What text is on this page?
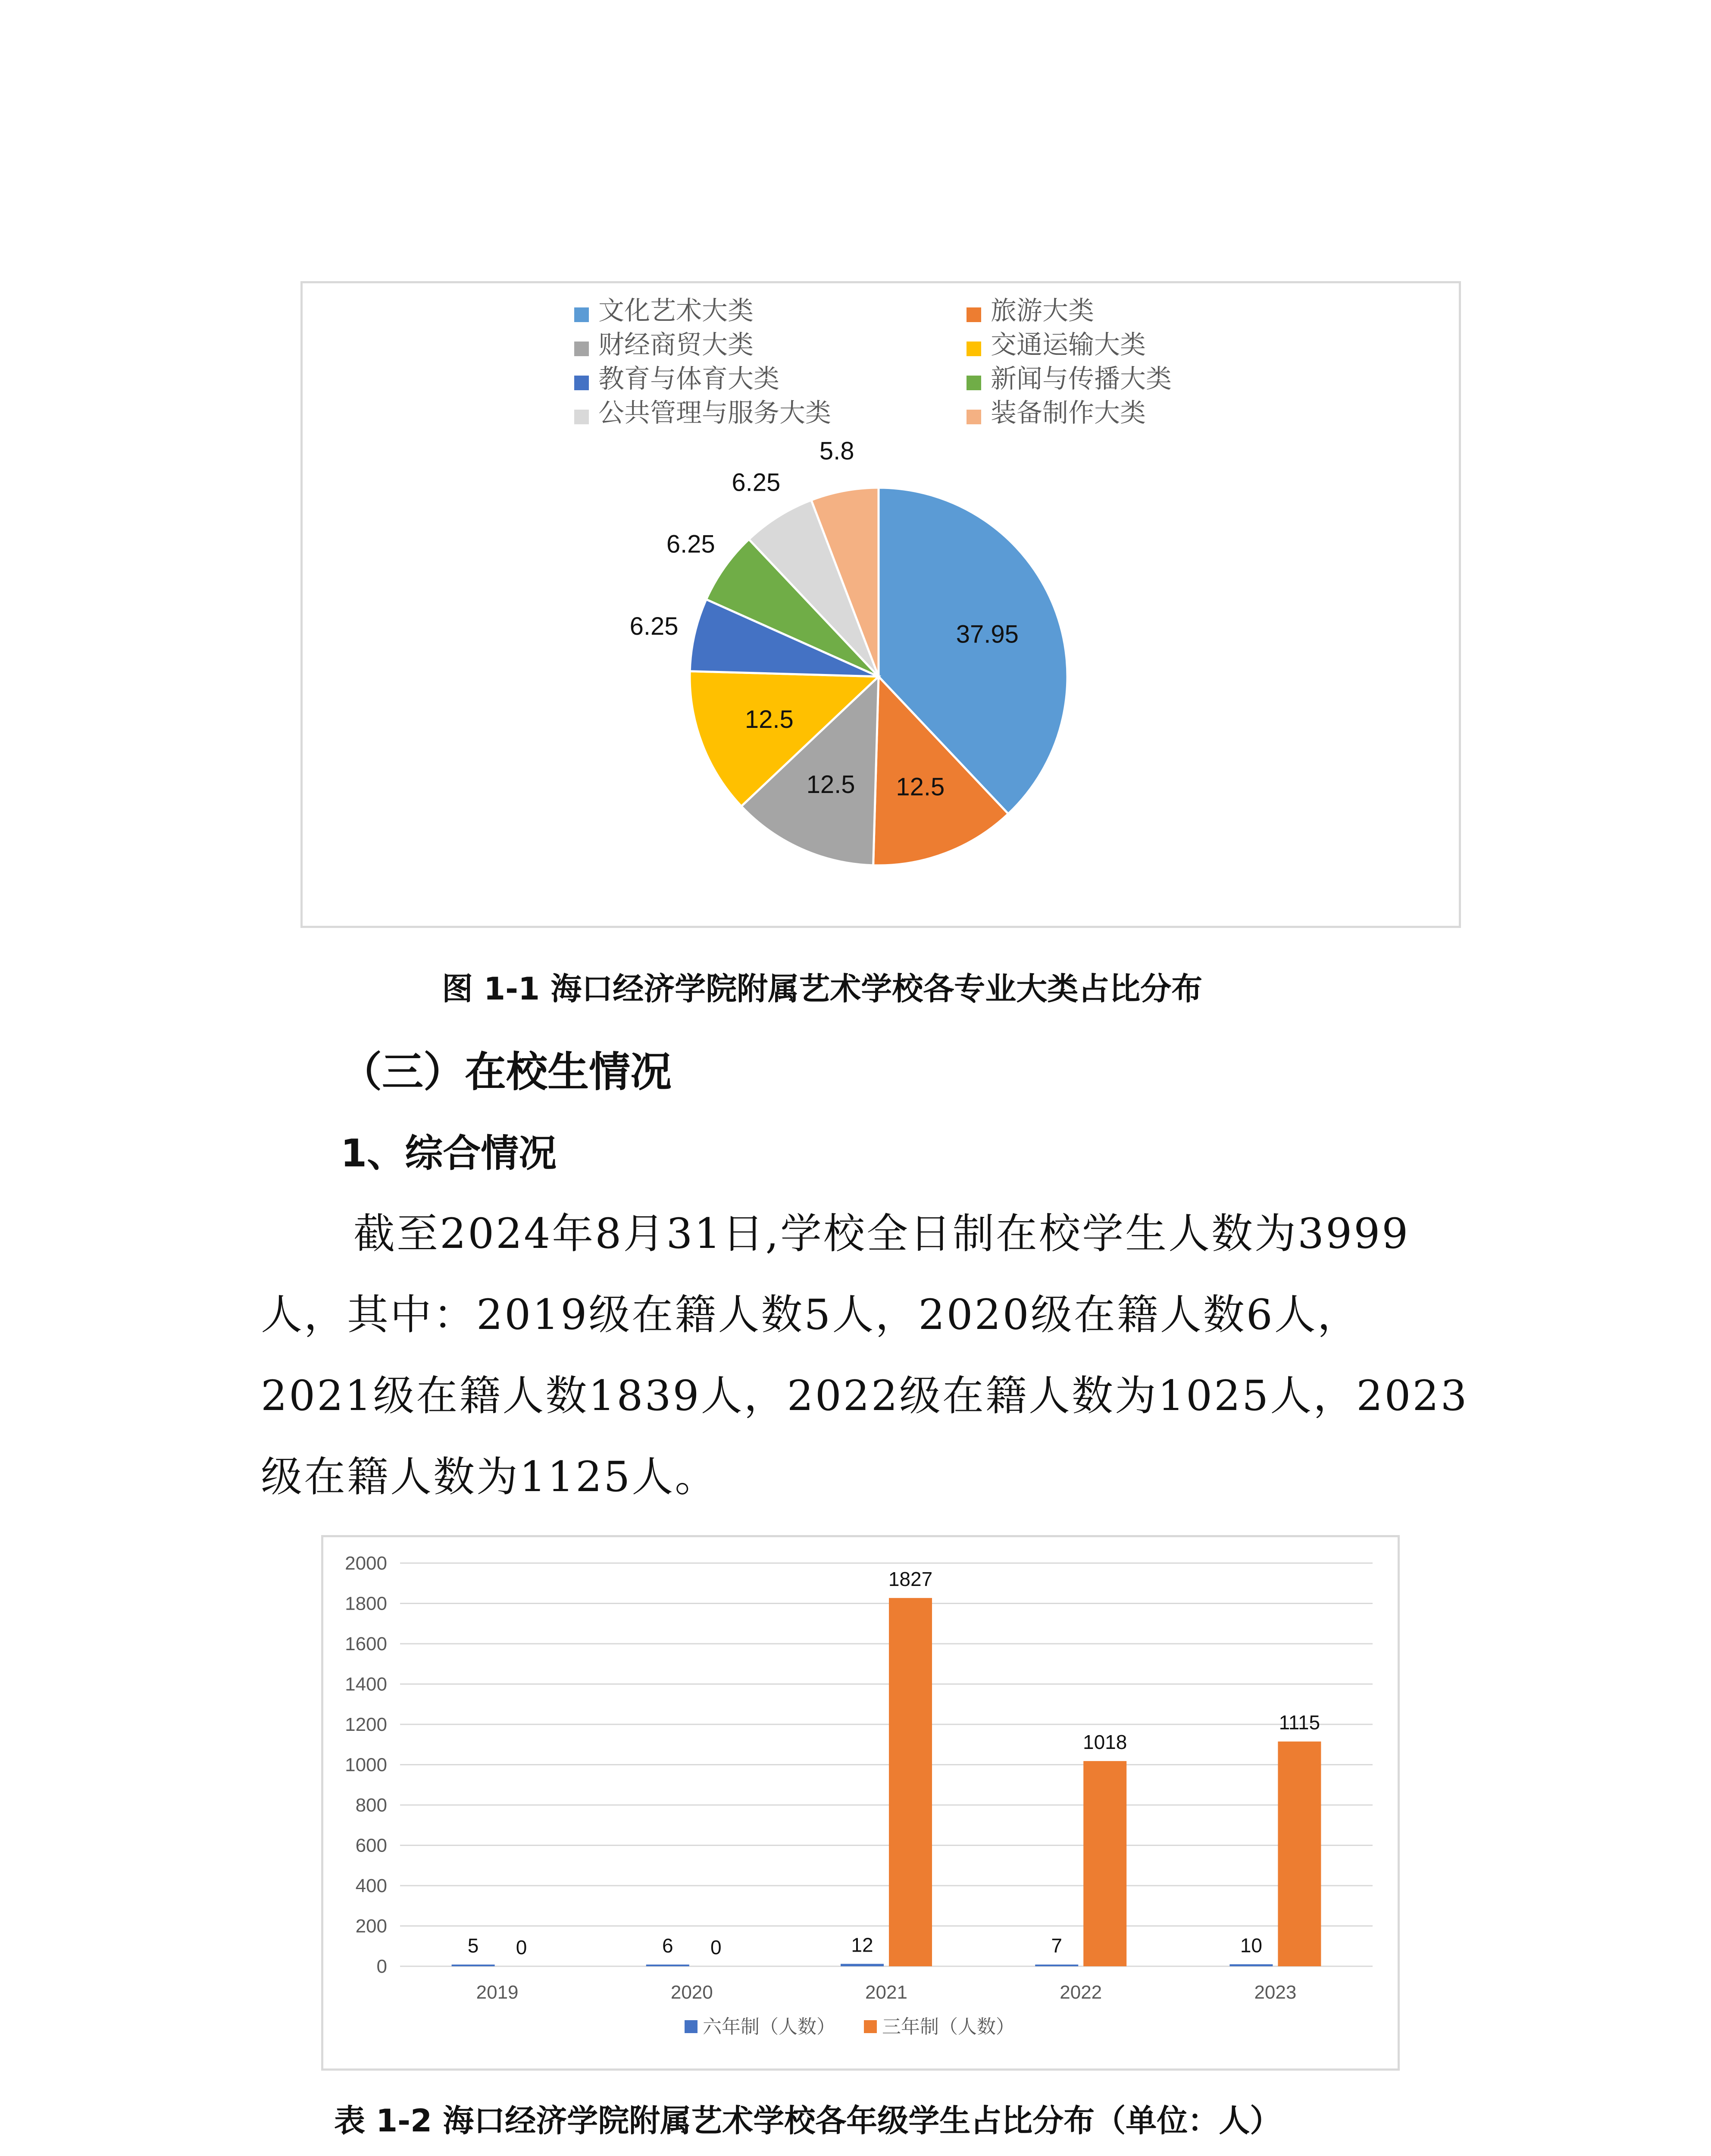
文化艺术大类	旅游大类
财经商贸大类	交通运输大类
教育与体育大类	新闻与传播大类
公共管理与服务大类	装备制作大类
37.95
12.5
12.5
12.5
6.25
6.25
6.25
5.8
图 1-1 海口经济学院附属艺术学校各专业大类占比分布
（三）在校生情况
1、综合情况
截至2024年8月31日,学校全日制在校学生人数为3999
人，其中：2019级在籍人数5人，2020级在籍人数6人，
2021级在籍人数1839人，2022级在籍人数为1025人，2023
级在籍人数为1125人。
0
200
400
600
800
1000
1200
1400
1600
1800
2000
2019
5 0
2020
6 0
2021
12
1827
2022
7
1018
2023
10
1115
六年制（人数） 三年制（人数）
表 1-2 海口经济学院附属艺术学校各年级学生占比分布（单位：人）
